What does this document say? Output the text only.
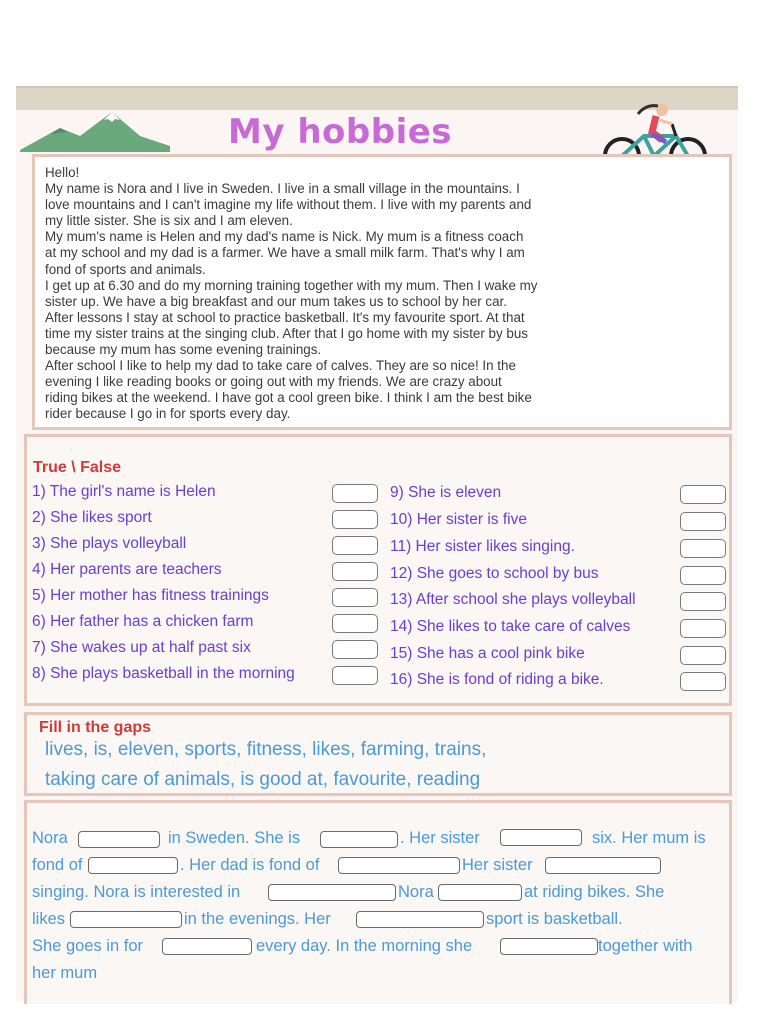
My hobbies

Hello!

My name is Nora and I live in Sweden. I live in a small village in the mountains. I

love mountains and I can't imagine my life without them. I live with my parents and

my little sister. She is six and I am eleven.

My mum's name is Helen and my dad's name is Nick. My mum is a fitness coach

at my school and my dad is a farmer. We have a small milk farm. That's why I am

fond of sports and animals.

I get up at 6.30 and do my morning training together with my mum. Then I wake my

sister up. We have a big breakfast and our mum takes us to school by her car.

After lessons I stay at school to practice basketball. It's my favourite sport. At that

time my sister trains at the singing club. After that I go home with my sister by bus

because my mum has some evening trainings.

After school I like to help my dad to take care of calves. They are so nice! In the

evening I like reading books or going out with my friends. We are crazy about

riding bikes at the weekend. I have got a cool green bike. I think I am the best bike

rider because I go in for sports every day.

True \ False
Fill in the gaps
lives, is, eleven, sports, fitness, likes, farming, trains,
taking care of animals, is good at, favourite, reading
Nora	in Sweden. She is	. Her sister	six. Her mum is
fond of	. Her dad is fond of	Her sister
singing. Nora is interested in	Nora	at riding bikes. She
likes	in the evenings. Her	sport is basketball.
She goes in for	every day. In the morning she	together with
her mum
1) The girl's name is Helen
2) She likes sport
3) She plays volleyball
4) Her parents are teachers
5) Her mother has fitness trainings
6) Her father has a chicken farm
7) She wakes up at half past six
8) She plays basketball in the morning
9) She is eleven
10) Her sister is five
11) Her sister likes singing.
12) She goes to school by bus
13) After school she plays volleyball
14) She likes to take care of calves
15) She has a cool pink bike
16) She is fond of riding a bike.
